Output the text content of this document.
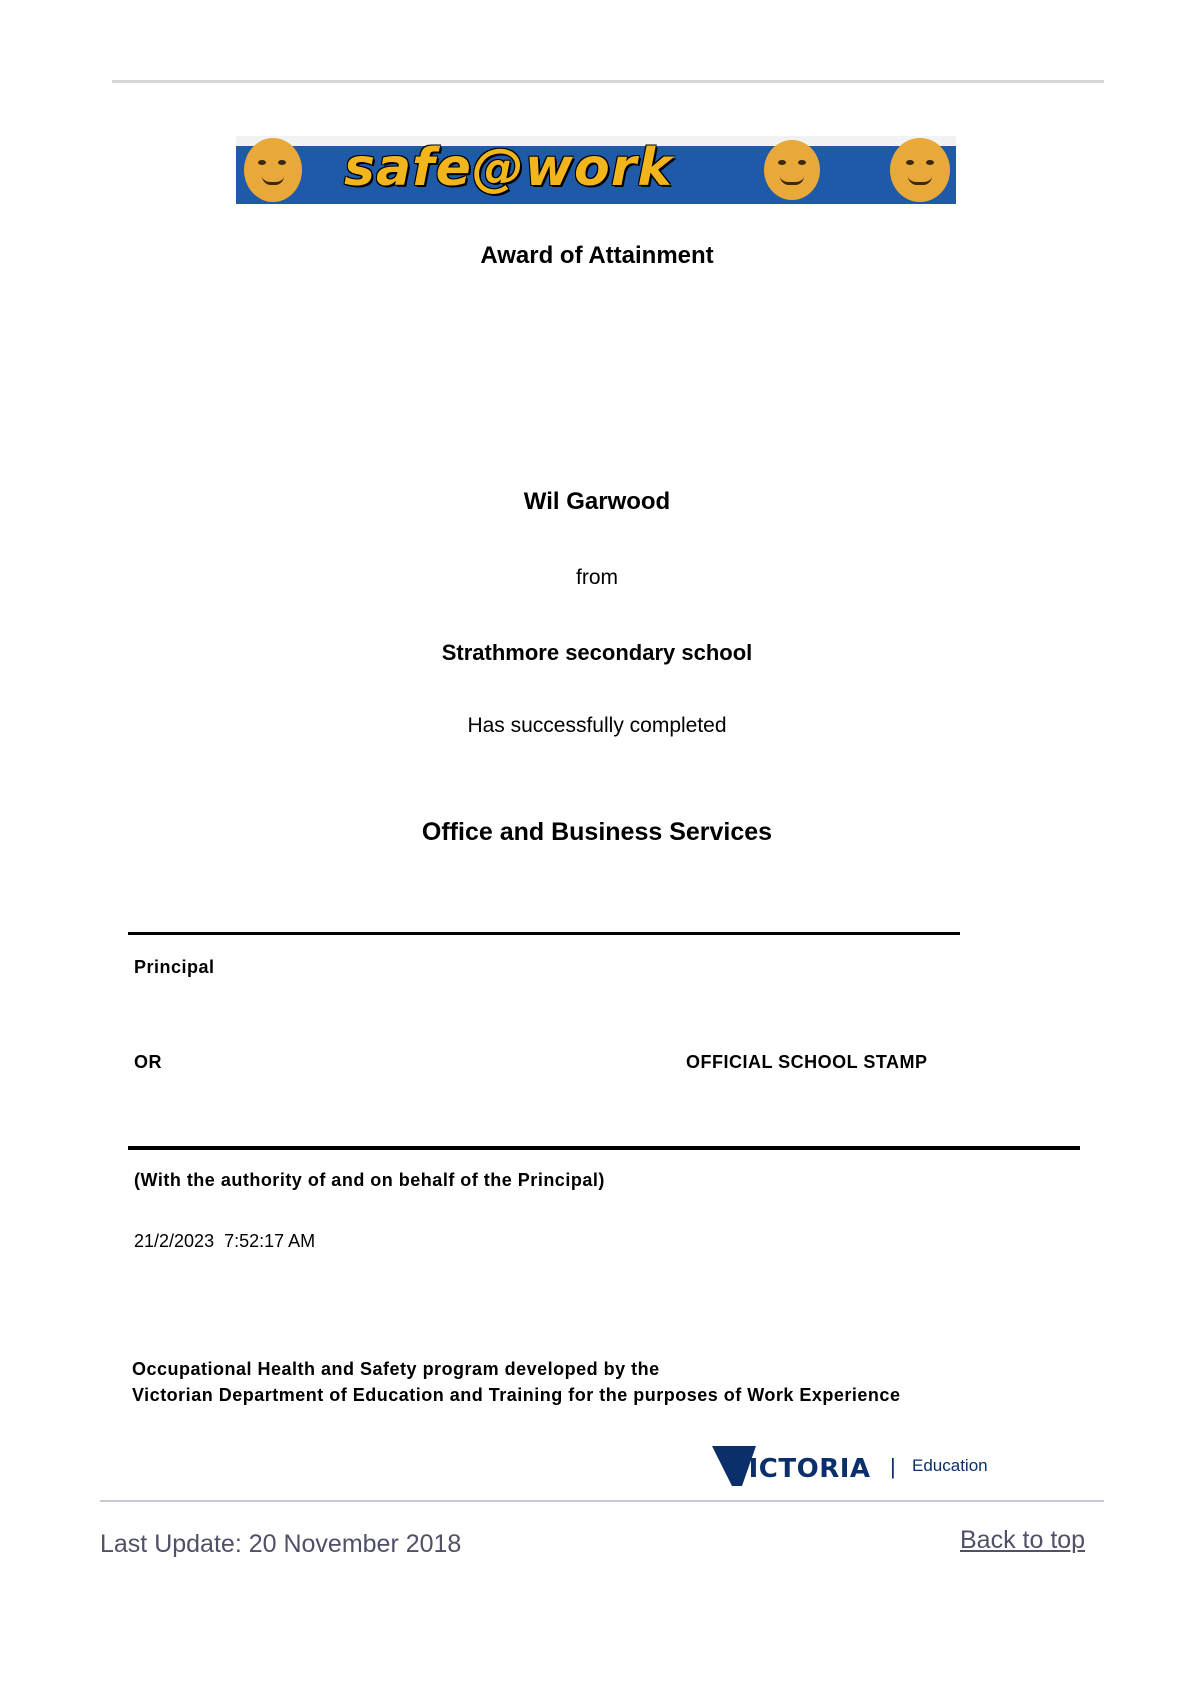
safe@work
Award of Attainment
Wil Garwood
from
Strathmore secondary school
Has successfully completed
Office and Business Services
Principal
OR	OFFICIAL SCHOOL STAMP
(With the authority of and on behalf of the Principal)
21/2/2023  7:52:17 AM
Occupational Health and Safety program developed by the
Victorian Department of Education and Training for the purposes of Work Experience
VICTORIA | Education
Last Update: 20 November 2018	Back to top
